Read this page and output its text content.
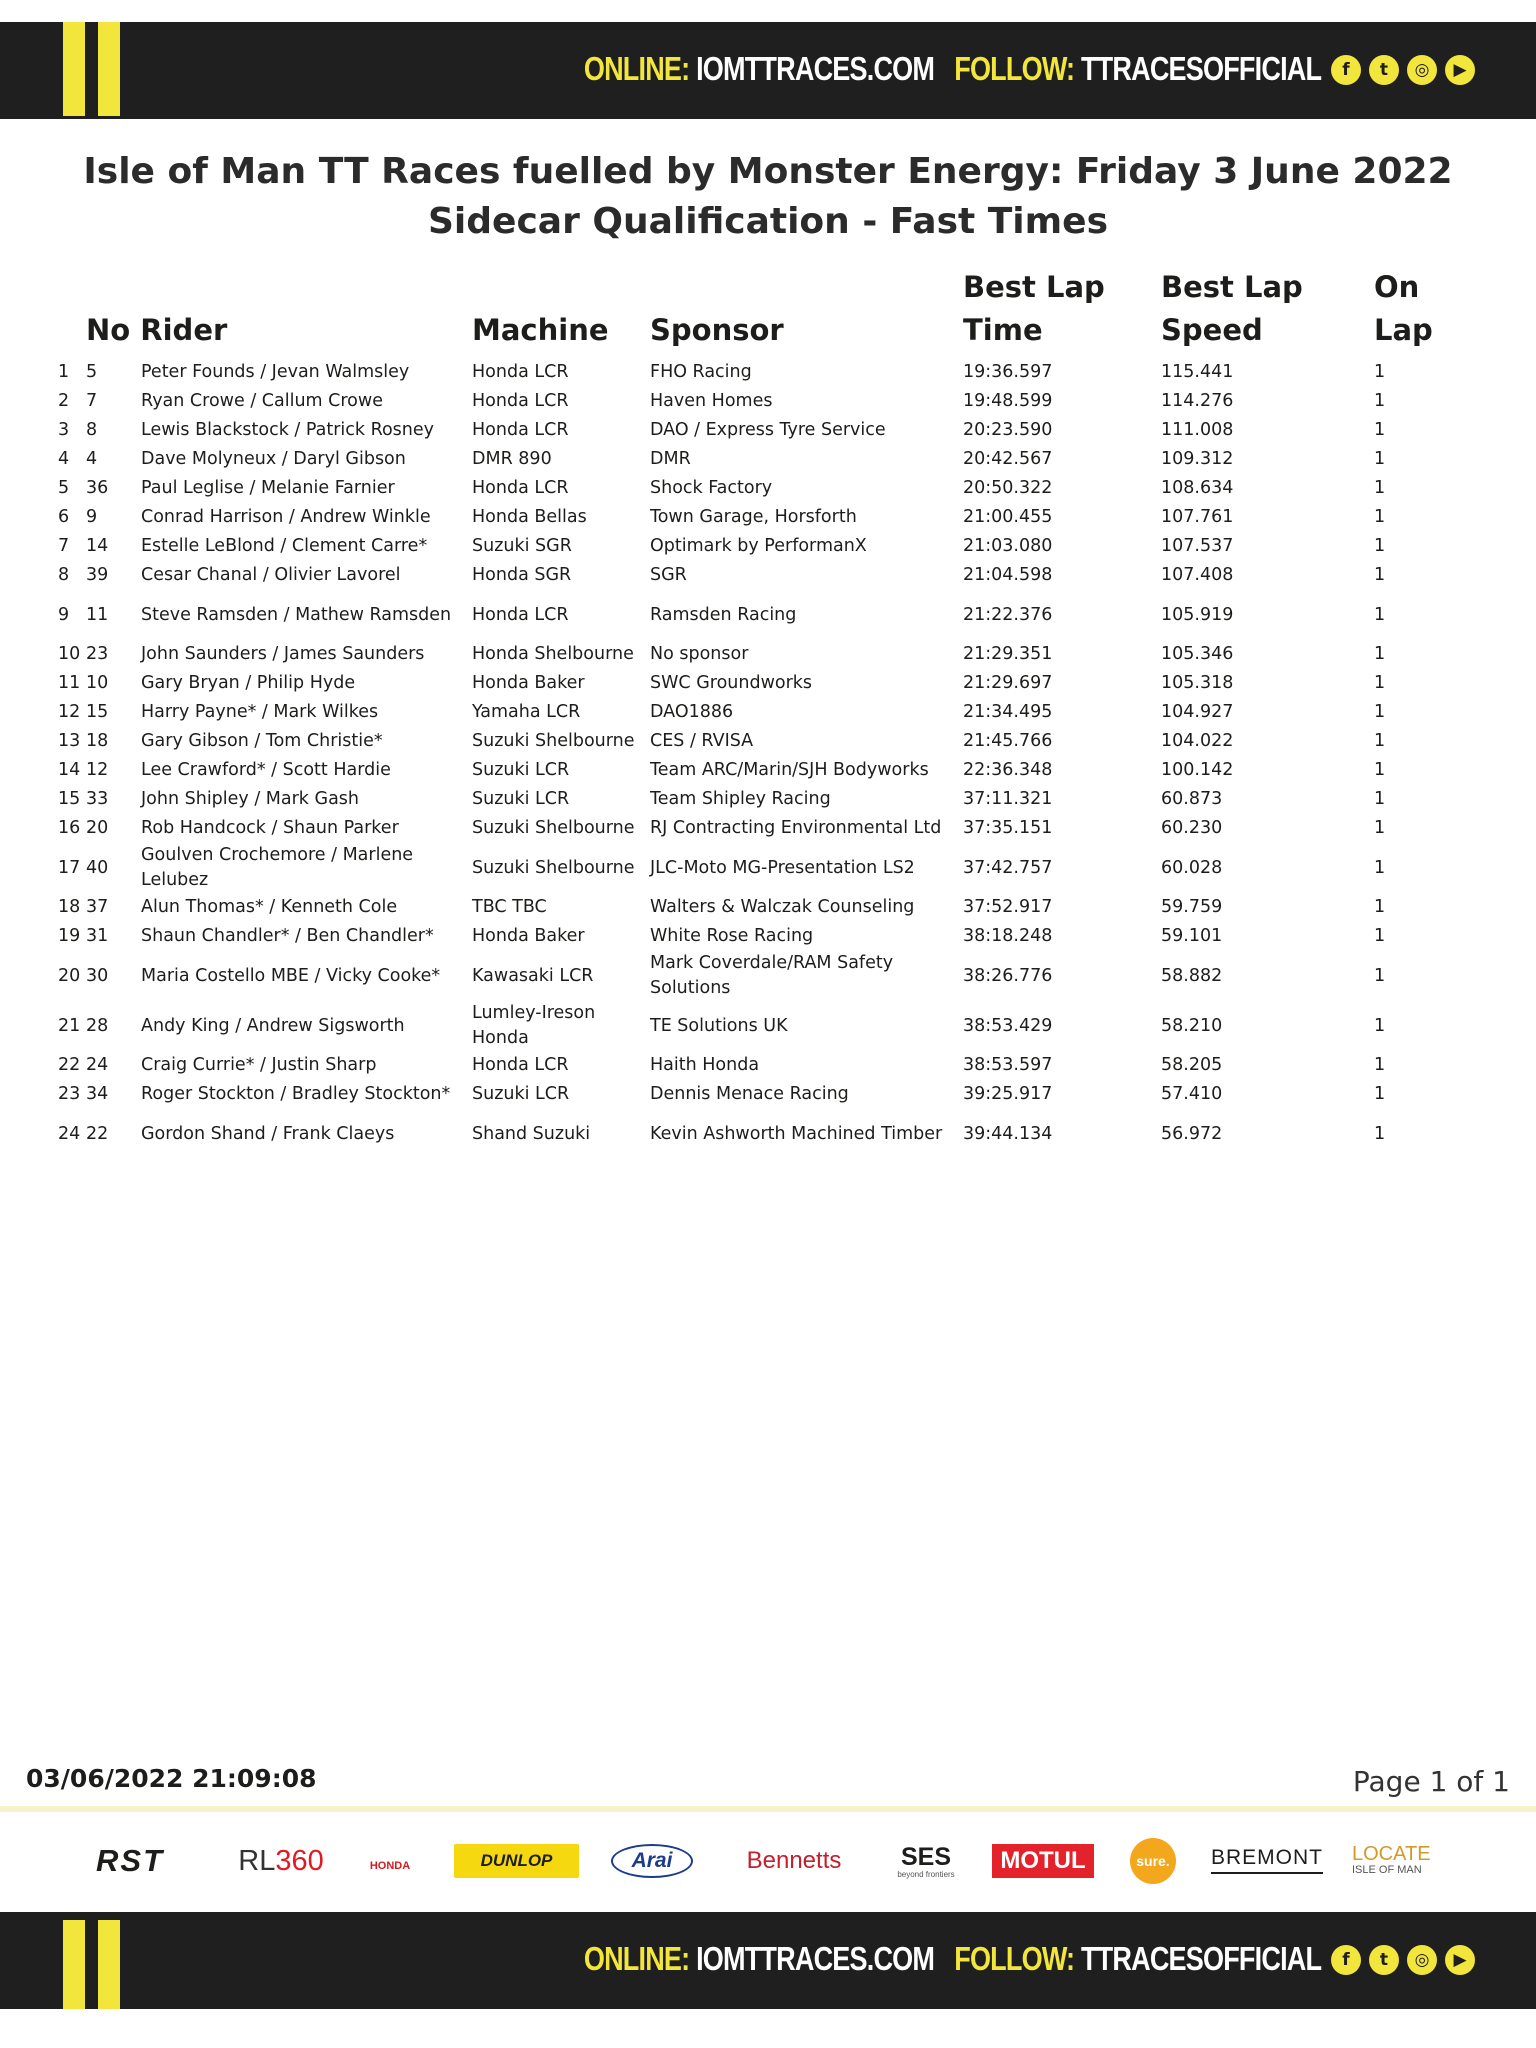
ONLINE: IOMTTRACES.COM FOLLOW: TTRACESOFFICIAL	f	t	◎	▶
Isle of Man TT Races fuelled by Monster Energy: Friday 3 June 2022 Sidecar Qualification - Fast Times
	No Rider		Machine	Sponsor	Best Lap Time	Best Lap Speed	On Lap
1	5	Peter Founds / Jevan Walmsley	Honda LCR	FHO Racing	19:36.597	115.441	1
2	7	Ryan Crowe / Callum Crowe	Honda LCR	Haven Homes	19:48.599	114.276	1
3	8	Lewis Blackstock / Patrick Rosney	Honda LCR	DAO / Express Tyre Service	20:23.590	111.008	1
4	4	Dave Molyneux / Daryl Gibson	DMR 890	DMR	20:42.567	109.312	1
5	36	Paul Leglise / Melanie Farnier	Honda LCR	Shock Factory	20:50.322	108.634	1
6	9	Conrad Harrison / Andrew Winkle	Honda Bellas	Town Garage, Horsforth	21:00.455	107.761	1
7	14	Estelle LeBlond / Clement Carre*	Suzuki SGR	Optimark by PerformanX	21:03.080	107.537	1
8	39	Cesar Chanal / Olivier Lavorel	Honda SGR	SGR	21:04.598	107.408	1
9	11	Steve Ramsden / Mathew Ramsden	Honda LCR	Ramsden Racing	21:22.376	105.919	1
10	23	John Saunders / James Saunders	Honda Shelbourne	No sponsor	21:29.351	105.346	1
11	10	Gary Bryan / Philip Hyde	Honda Baker	SWC Groundworks	21:29.697	105.318	1
12	15	Harry Payne* / Mark Wilkes	Yamaha LCR	DAO1886	21:34.495	104.927	1
13	18	Gary Gibson / Tom Christie*	Suzuki Shelbourne	CES / RVISA	21:45.766	104.022	1
14	12	Lee Crawford* / Scott Hardie	Suzuki LCR	Team ARC/Marin/SJH Bodyworks	22:36.348	100.142	1
15	33	John Shipley / Mark Gash	Suzuki LCR	Team Shipley Racing	37:11.321	60.873	1
16	20	Rob Handcock / Shaun Parker	Suzuki Shelbourne	RJ Contracting Environmental Ltd	37:35.151	60.230	1
17	40	Goulven Crochemore / Marlene Lelubez	Suzuki Shelbourne	JLC-Moto MG-Presentation LS2	37:42.757	60.028	1
18	37	Alun Thomas* / Kenneth Cole	TBC TBC	Walters & Walczak Counseling	37:52.917	59.759	1
19	31	Shaun Chandler* / Ben Chandler*	Honda Baker	White Rose Racing	38:18.248	59.101	1
20	30	Maria Costello MBE / Vicky Cooke*	Kawasaki LCR	Mark Coverdale/RAM Safety Solutions	38:26.776	58.882	1
21	28	Andy King / Andrew Sigsworth	Lumley-Ireson Honda	TE Solutions UK	38:53.429	58.210	1
22	24	Craig Currie* / Justin Sharp	Honda LCR	Haith Honda	38:53.597	58.205	1
23	34	Roger Stockton / Bradley Stockton*	Suzuki LCR	Dennis Menace Racing	39:25.917	57.410	1
24	22	Gordon Shand / Frank Claeys	Shand Suzuki	Kevin Ashworth Machined Timber	39:44.134	56.972	1
03/06/2022 21:09:08	Page 1 of 1
RST	RL360	HONDA	DUNLOP	Arai	Bennetts	SES
beyond frontiers
MOTUL	sure. BREMONT LOCATE
ISLE OF MAN
ONLINE: IOMTTRACES.COM FOLLOW: TTRACESOFFICIAL	f	t	◎	▶
